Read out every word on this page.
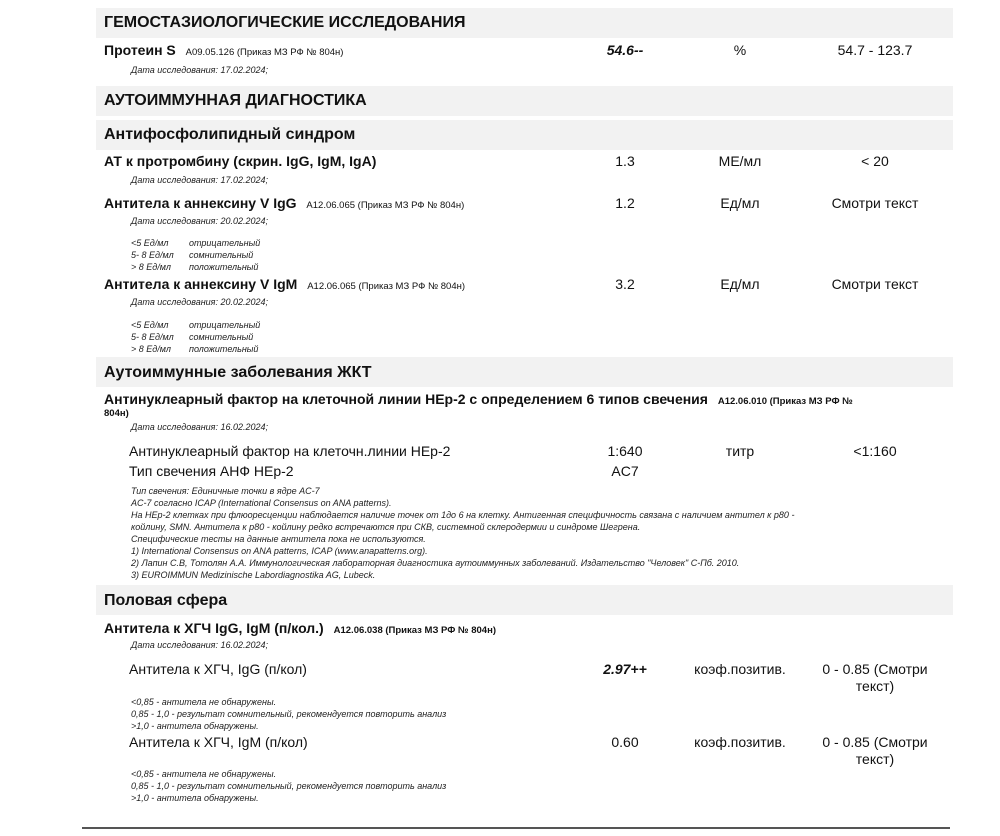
ГЕМОСТАЗИОЛОГИЧЕСКИЕ ИССЛЕДОВАНИЯ
Протеин S A09.05.126 (Приказ МЗ РФ № 804н)	54.6--	%	54.7 - 123.7
Дата исследования: 17.02.2024;
АУТОИММУННАЯ ДИАГНОСТИКА
Антифосфолипидный синдром
АТ к протромбину (скрин. IgG, IgM, IgA)	1.3	МЕ/мл	< 20
Дата исследования: 17.02.2024;
Антитела к аннексину V IgG A12.06.065 (Приказ МЗ РФ № 804н)	1.2	Ед/мл	Смотри текст
Дата исследования: 20.02.2024;
<5 Ед/мл отрицательный
5- 8 Ед/мл сомнительный
> 8 Ед/мл положительный
Антитела к аннексину V IgM A12.06.065 (Приказ МЗ РФ № 804н)	3.2	Ед/мл	Смотри текст
Дата исследования: 20.02.2024;
<5 Ед/мл отрицательный
5- 8 Ед/мл сомнительный
> 8 Ед/мл положительный
Аутоиммунные заболевания ЖКТ
Антинуклеарный фактор на клеточной линии НЕр-2 с определением 6 типов свечения A12.06.010 (Приказ МЗ РФ №
804н)
Дата исследования: 16.02.2024;
Антинуклеарный фактор на клеточн.линии НЕр-2	1:640	титр	<1:160
Тип свечения АНФ НЕр-2	AC7
Тип свечения: Единичные точки в ядре AC-7
AC-7 согласно ICAP (International Consensus on ANA patterns).
На НЕр-2 клетках при флюоресценции наблюдается наличие точек от 1до 6 на клетку. Антигенная специфичность связана с наличием антител к p80 -
койлину, SMN. Антитела к p80 - койлину редко встречаются при СКВ, системной склеродермии и синдроме Шегрена.
Специфические тесты на данные антитела пока не используются.
1) International Consensus on ANA patterns, ICAP (www.anapatterns.org).
2) Лапин С.В, Тотолян А.А. Иммунологическая лабораторная диагностика аутоиммунных заболеваний. Издательство "Человек" С-Пб. 2010.
3) EUROIMMUN Medizinische Labordiagnostika AG, Lubeck.
Половая сфера
Антитела к ХГЧ IgG, IgM (п/кол.) A12.06.038 (Приказ МЗ РФ № 804н)
Дата исследования: 16.02.2024;
Антитела к ХГЧ, IgG (п/кол)	2.97++	коэф.позитив.	0 - 0.85 (Смотри
текст)
<0,85 - антитела не обнаружены.
0,85 - 1,0 - результат сомнительный, рекомендуется повторить анализ
>1,0 - антитела обнаружены.
Антитела к ХГЧ, IgM (п/кол)	0.60	коэф.позитив.	0 - 0.85 (Смотри
текст)
<0,85 - антитела не обнаружены.
0,85 - 1,0 - результат сомнительный, рекомендуется повторить анализ
>1,0 - антитела обнаружены.
